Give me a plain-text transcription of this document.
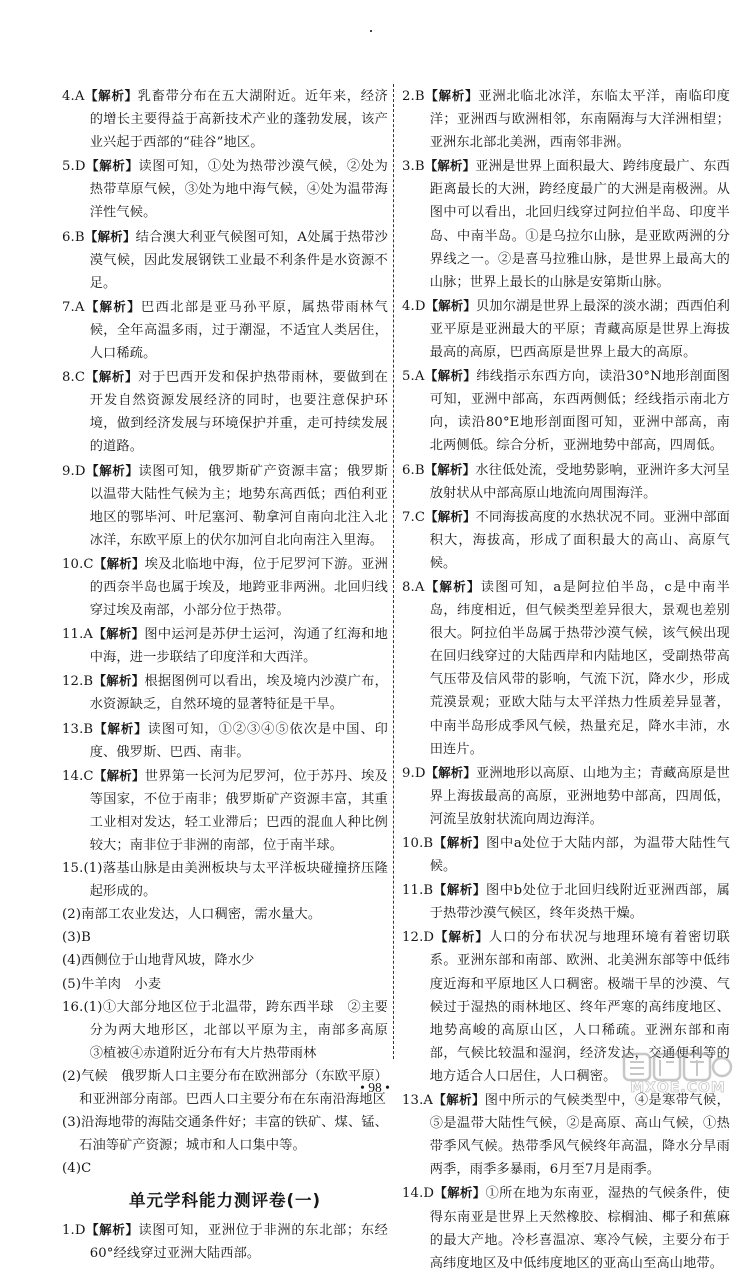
4.A【解析】乳畜带分布在五大湖附近。近年来，经济的增长主要得益于高新技术产业的蓬勃发展，该产业兴起于西部的“硅谷”地区。

5.D【解析】读图可知，①处为热带沙漠气候，②处为热带草原气候，③处为地中海气候，④处为温带海洋性气候。

6.B【解析】结合澳大利亚气候图可知，A处属于热带沙漠气候，因此发展钢铁工业最不利条件是水资源不足。

7.A【解析】巴西北部是亚马孙平原，属热带雨林气候，全年高温多雨，过于潮湿，不适宜人类居住，人口稀疏。

8.C【解析】对于巴西开发和保护热带雨林，要做到在开发自然资源发展经济的同时，也要注意保护环境，做到经济发展与环境保护并重，走可持续发展的道路。

9.D【解析】读图可知，俄罗斯矿产资源丰富；俄罗斯以温带大陆性气候为主；地势东高西低；西伯利亚地区的鄂毕河、叶尼塞河、勒拿河自南向北注入北冰洋，东欧平原上的伏尔加河自北向南注入里海。

10.C【解析】埃及北临地中海，位于尼罗河下游。亚洲的西奈半岛也属于埃及，地跨亚非两洲。北回归线穿过埃及南部，小部分位于热带。

11.A【解析】图中运河是苏伊士运河，沟通了红海和地中海，进一步联结了印度洋和大西洋。

12.B【解析】根据图例可以看出，埃及境内沙漠广布，水资源缺乏，自然环境的显著特征是干旱。

13.B【解析】读图可知，①②③④⑤依次是中国、印度、俄罗斯、巴西、南非。

14.C【解析】世界第一长河为尼罗河，位于苏丹、埃及等国家，不位于南非；俄罗斯矿产资源丰富，其重工业相对发达，轻工业滞后；巴西的混血人种比例较大；南非位于非洲的南部，位于南半球。

15.(1)落基山脉是由美洲板块与太平洋板块碰撞挤压隆起形成的。

(2)南部工农业发达，人口稠密，需水量大。

(3)B

(4)西侧位于山地背风坡，降水少

(5)牛羊肉　小麦

16.(1)①大部分地区位于北温带，跨东西半球　②主要分为两大地形区，北部以平原为主，南部多高原　③植被④赤道附近分布有大片热带雨林

(2)气候　俄罗斯人口主要分布在欧洲部分（东欧平原）和亚洲部分南部。巴西人口主要分布在东南沿海地区

(3)沿海地带的海陆交通条件好；丰富的铁矿、煤、锰、石油等矿产资源；城市和人口集中等。

(4)C

单元学科能力测评卷(一)

1.D【解析】读图可知，亚洲位于非洲的东北部；东经60°经线穿过亚洲大陆西部。

2.B【解析】亚洲北临北冰洋，东临太平洋，南临印度洋；亚洲西与欧洲相邻，东南隔海与大洋洲相望；亚洲东北部北美洲，西南邻非洲。

3.B【解析】亚洲是世界上面积最大、跨纬度最广、东西距离最长的大洲，跨经度最广的大洲是南极洲。从图中可以看出，北回归线穿过阿拉伯半岛、印度半岛、中南半岛。①是乌拉尔山脉，是亚欧两洲的分界线之一。②是喜马拉雅山脉，是世界上最高大的山脉；世界上最长的山脉是安第斯山脉。

4.D【解析】贝加尔湖是世界上最深的淡水湖；西西伯利亚平原是亚洲最大的平原；青藏高原是世界上海拔最高的高原，巴西高原是世界上最大的高原。

5.A【解析】纬线指示东西方向，读沿30°N地形剖面图可知，亚洲中部高，东西两侧低；经线指示南北方向，读沿80°E地形剖面图可知，亚洲中部高，南北两侧低。综合分析，亚洲地势中部高，四周低。

6.B【解析】水往低处流，受地势影响，亚洲许多大河呈放射状从中部高原山地流向周围海洋。

7.C【解析】不同海拔高度的水热状况不同。亚洲中部面积大，海拔高，形成了面积最大的高山、高原气候。

8.A【解析】读图可知，a是阿拉伯半岛，c是中南半岛，纬度相近，但气候类型差异很大，景观也差别很大。阿拉伯半岛属于热带沙漠气候，该气候出现在回归线穿过的大陆西岸和内陆地区，受副热带高气压带及信风带的影响，气流下沉，降水少，形成荒漠景观；亚欧大陆与太平洋热力性质差异显著，中南半岛形成季风气候，热量充足，降水丰沛，水田连片。

9.D【解析】亚洲地形以高原、山地为主；青藏高原是世界上海拔最高的高原，亚洲地势中部高，四周低，河流呈放射状流向周边海洋。

10.B【解析】图中a处位于大陆内部，为温带大陆性气候。

11.B【解析】图中b处位于北回归线附近亚洲西部，属于热带沙漠气候区，终年炎热干燥。

12.D【解析】人口的分布状况与地理环境有着密切联系。亚洲东部和南部、欧洲、北美洲东部等中低纬度近海和平原地区人口稠密。极端干旱的沙漠、气候过于湿热的雨林地区、终年严寒的高纬度地区、地势高峻的高原山区，人口稀疏。亚洲东部和南部，气候比较温和湿润，经济发达，交通便利等的地方适合人口居住，人口稠密。

13.A【解析】图中所示的气候类型中，④是寒带气候，⑤是温带大陆性气候，②是高原、高山气候，①热带季风气候。热带季风气候终年高温，降水分旱雨两季，雨季多暴雨，6月至7月是雨季。

14.D【解析】①所在地为东南亚，湿热的气候条件，使得东南亚是世界上天然橡胶、棕榈油、椰子和蕉麻的最大产地。冷杉喜温凉、寒冷气候，主要分布于高纬度地区及中低纬度地区的亚高山至高山地带。

• 98 •	MXQE.COM
